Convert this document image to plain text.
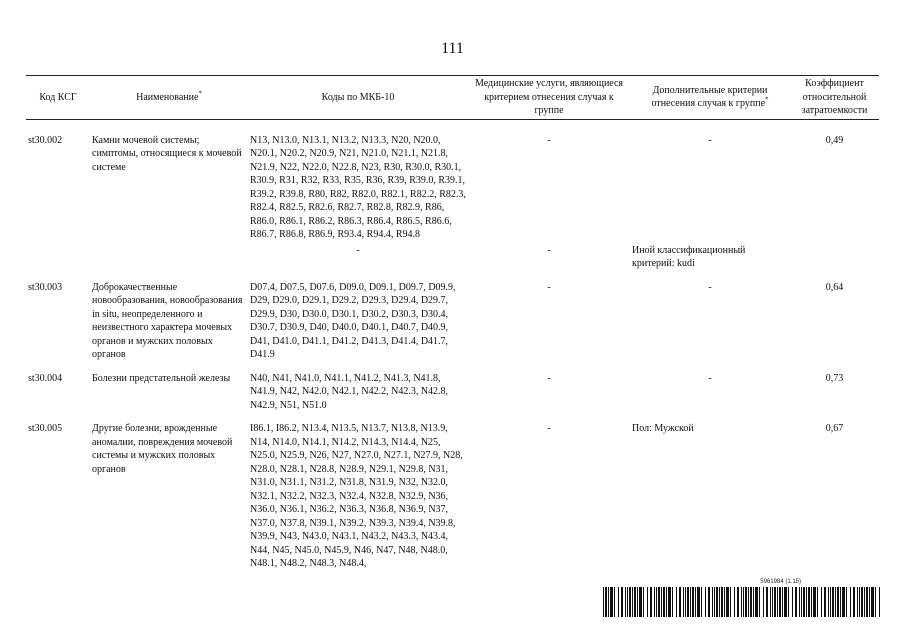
111
Код КСГ	Наименование*	Коды по МКБ-10	Медицинские услуги, являющиеся критерием отнесения случая к группе	Дополнительные критерии отнесения случая к группе*	Коэффициент относительной затратоемкости
st30.002	Камни мочевой системы; симптомы, относящиеся к мочевой системе	N13, N13.0, N13.1, N13.2, N13.3, N20, N20.0, N20.1, N20.2, N20.9, N21, N21.0, N21.1, N21.8, N21.9, N22, N22.0, N22.8, N23, R30, R30.0, R30.1, R30.9, R31, R32, R33, R35, R36, R39, R39.0, R39.1, R39.2, R39.8, R80, R82, R82.0, R82.1, R82.2, R82.3, R82.4, R82.5, R82.6, R82.7, R82.8, R82.9, R86, R86.0, R86.1, R86.2, R86.3, R86.4, R86.5, R86.6, R86.7, R86.8, R86.9, R93.4, R94.4, R94.8	-	-	0,49
		-	-	Иной классификационный критерий: kudi	
st30.003	Доброкачественные новообразования, новообразования in situ, неопределенного и неизвестного характера мочевых органов и мужских половых органов	D07.4, D07.5, D07.6, D09.0, D09.1, D09.7, D09.9, D29, D29.0, D29.1, D29.2, D29.3, D29.4, D29.7, D29.9, D30, D30.0, D30.1, D30.2, D30.3, D30.4, D30.7, D30.9, D40, D40.0, D40.1, D40.7, D40.9, D41, D41.0, D41.1, D41.2, D41.3, D41.4, D41.7, D41.9	-	-	0,64
st30.004	Болезни предстательной железы	N40, N41, N41.0, N41.1, N41.2, N41.3, N41.8, N41.9, N42, N42.0, N42.1, N42.2, N42.3, N42.8, N42.9, N51, N51.0	-	-	0,73
st30.005	Другие болезни, врожденные аномалии, повреждения мочевой системы и мужских половых органов	I86.1, I86.2, N13.4, N13.5, N13.7, N13.8, N13.9, N14, N14.0, N14.1, N14.2, N14.3, N14.4, N25, N25.0, N25.9, N26, N27, N27.0, N27.1, N27.9, N28, N28.0, N28.1, N28.8, N28.9, N29.1, N29.8, N31, N31.0, N31.1, N31.2, N31.8, N31.9, N32, N32.0, N32.1, N32.2, N32.3, N32.4, N32.8, N32.9, N36, N36.0, N36.1, N36.2, N36.3, N36.8, N36.9, N37, N37.0, N37.8, N39.1, N39.2, N39.3, N39.4, N39.8, N39.9, N43, N43.0, N43.1, N43.2, N43.3, N43.4, N44, N45, N45.0, N45.9, N46, N47, N48, N48.0, N48.1, N48.2, N48.3, N48.4,	-	Пол: Мужской	0,67
5961984 (1.15)
